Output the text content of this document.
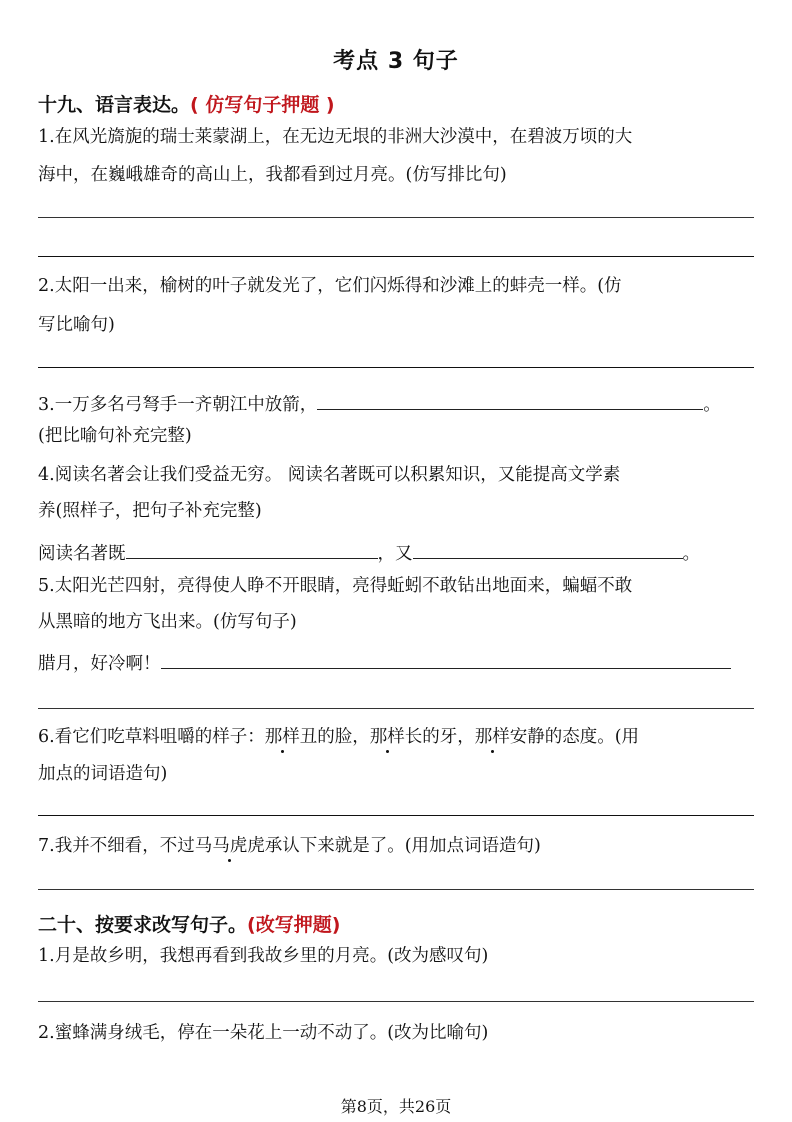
考点 3 句子
十九、语言表达。( 仿写句子押题 )
1.在风光旖旎的瑞士莱蒙湖上，在无边无垠的非洲大沙漠中，在碧波万顷的大
海中，在巍峨雄奇的高山上，我都看到过月亮。(仿写排比句)
2.太阳一出来，榆树的叶子就发光了，它们闪烁得和沙滩上的蚌壳一样。(仿
写比喻句)
3.一万多名弓弩手一齐朝江中放箭，	。
(把比喻句补充完整)
4.阅读名著会让我们受益无穷。 阅读名著既可以积累知识，又能提高文学素
养(照样子，把句子补充完整)
阅读名著既	，又	。
5.太阳光芒四射，亮得使人睁不开眼睛，亮得蚯蚓不敢钻出地面来，蝙蝠不敢
从黑暗的地方飞出来。(仿写句子)
腊月，好冷啊！
6.看它们吃草料咀嚼的样子：那样丑的脸，那样长的牙，那样安静的态度。(用
加点的词语造句)
7.我并不细看，不过马马虎虎承认下来就是了。(用加点词语造句)
二十、按要求改写句子。(改写押题)
1.月是故乡明，我想再看到我故乡里的月亮。(改为感叹句)
2.蜜蜂满身绒毛，停在一朵花上一动不动了。(改为比喻句)
第8页，共26页
